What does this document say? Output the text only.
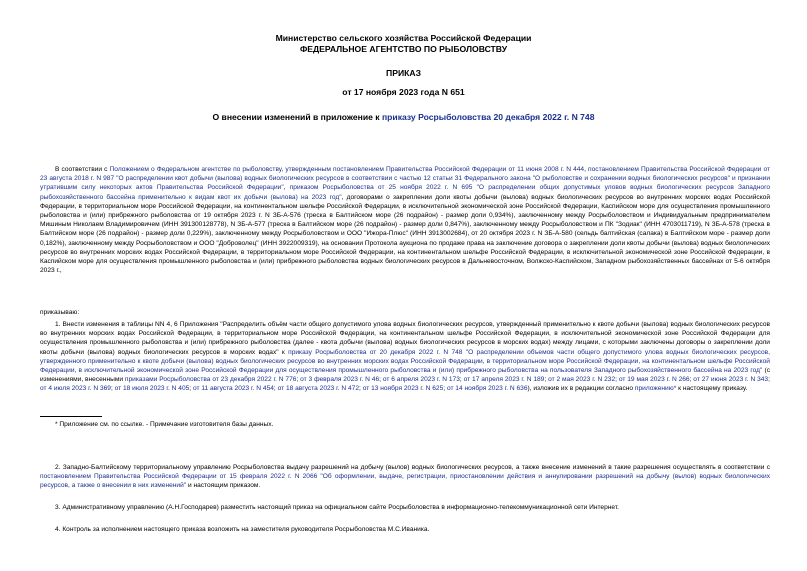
Министерство сельского хозяйства Российской Федерации
ФЕДЕРАЛЬНОЕ АГЕНТСТВО ПО РЫБОЛОВСТВУ
ПРИКАЗ
от 17 ноября 2023 года N 651
О внесении изменений в приложение к приказу Росрыболовства 20 декабря 2022 г. N 748
В соответствии с Положением о Федеральном агентстве по рыболовству, утвержденным постановлением Правительства Российской Федерации от 11 июня 2008 г. N 444, постановлением Правительства Российской Федерации от 23 августа 2018 г. N 987 "О распределении квот добычи (вылова) водных биологических ресурсов в соответствии с частью 12 статьи 31 Федерального закона "О рыболовстве и сохранении водных биологических ресурсов" и признании утратившим силу некоторых актов Правительства Российской Федерации", приказом Росрыболовства от 25 ноября 2022 г. N 695 "О распределении общих допустимых уловов водных биологических ресурсов Западного рыбохозяйственного бассейна применительно к видам квот их добычи (вылова) на 2023 год", договорами о закреплении доли квоты добычи (вылова) водных биологических ресурсов во внутренних морских водах Российской Федерации, в территориальном море Российской Федерации, на континентальном шельфе Российской Федерации, в исключительной экономической зоне Российской Федерации, Каспийском море для осуществления промышленного рыболовства и (или) прибрежного рыболовства от 19 октября 2023 г. N ЗБ-А-576 (треска в Балтийском море (26 подрайон) - размер доли 0,934%), заключенному между Росрыболовством и Индивидуальным предпринимателем Мишиным Николаем Владимировичем (ИНН 391300128778), N ЗБ-А-577 (треска в Балтийском море (26 подрайон) - размер доли 0,847%), заключенному между Росрыболовством и ПК "Зодиак" (ИНН 4703011719), N ЗБ-А-578 (треска в Балтийском море (26 подрайон) - размер доли 0,229%), заключенному между Росрыболовством и ООО "Ижора-Плюс" (ИНН 3913002684), от 20 октября 2023 г. N ЗБ-А-580 (сельдь балтийская (салака) в Балтийском море - размер доли 0,182%), заключенному между Росрыболовством и ООО "Доброволец" (ИНН 3922009319), на основании Протокола аукциона по продаже права на заключение договора о закреплении доли квоты добычи (вылова) водных биологических ресурсов во внутренних морских водах Российской Федерации, в территориальном море Российской Федерации, на континентальном шельфе Российской Федерации, в исключительной экономической зоне Российской Федерации, в Каспийском море для осуществления промышленного рыболовства и (или) прибрежного рыболовства водных биологических ресурсов в Дальневосточном, Волжско-Каспийском, Западном рыбохозяйственных бассейнах от 5-6 октября 2023 г.,
приказываю:
1. Внести изменения в таблицы NN 4, 6 Приложения "Распределить объём части общего допустимого улова водных биологических ресурсов, утвержденный применительно к квоте добычи (вылова) водных биологических ресурсов во внутренних морских водах Российской Федерации, в территориальном море Российской Федерации, на континентальном шельфе Российской Федерации, в исключительной экономической зоне Российской Федерации для осуществления промышленного рыболовства и (или) прибрежного рыболовства (далее - квота добычи (вылова) водных биологических ресурсов в морских водах) между лицами, с которыми заключены договоры о закреплении доли квоты добычи (вылова) водных биологических ресурсов в морских водах" к приказу Росрыболовства от 20 декабря 2022 г. N 748 "О распределении объемов части общего допустимого улова водных биологических ресурсов, утвержденного применительно к квоте добычи (вылова) водных биологических ресурсов во внутренних морских водах Российской Федерации, в территориальном море Российской Федерации, на континентальном шельфе Российской Федерации, в исключительной экономической зоне Российской Федерации для осуществления промышленного рыболовства и (или) прибрежного рыболовства на пользователя Западного рыбохозяйственного бассейна на 2023 год" (с изменениями, внесенными приказами Росрыболовства от 23 декабря 2022 г. N 776; от 3 февраля 2023 г. N 46; от 6 апреля 2023 г. N 173; от 17 апреля 2023 г. N 189; от 2 мая 2023 г. N 232; от 19 мая 2023 г. N 266; от 27 июня 2023 г. N 343; от 4 июля 2023 г. N 369; от 18 июля 2023 г. N 405; от 11 августа 2023 г. N 454; от 18 августа 2023 г. N 472; от 13 ноября 2023 г. N 625; от 14 ноября 2023 г. N 636), изложив их в редакции согласно приложению* к настоящему приказу.
* Приложение см. по ссылке. - Примечание изготовителя базы данных.
2. Западно-Балтийскому территориальному управлению Росрыболовства выдачу разрешений на добычу (вылов) водных биологических ресурсов, а также внесение изменений в такие разрешения осуществлять в соответствии с постановлением Правительства Российской Федерации от 15 февраля 2022 г. N 2066 "Об оформлении, выдаче, регистрации, приостановлении действия и аннулировании разрешений на добычу (вылов) водных биологических ресурсов, а также о внесении в них изменений" и настоящим приказом.
3. Административному управлению (А.Н.Господарев) разместить настоящий приказ на официальном сайте Росрыболовства в информационно-телекоммуникационной сети Интернет.
4. Контроль за исполнением настоящего приказа возложить на заместителя руководителя Росрыболовства М.С.Иваника.
